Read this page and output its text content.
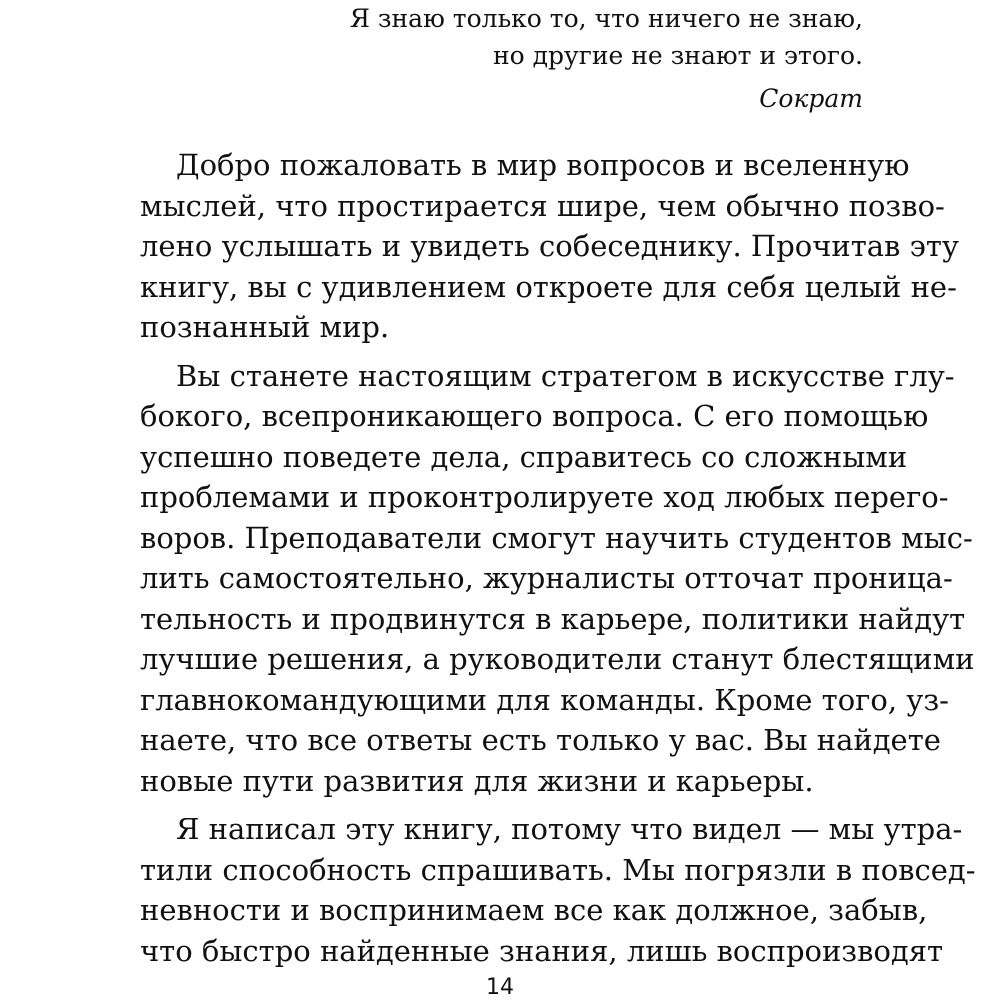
Я знаю только то, что ничего не знаю,
но другие не знают и этого.
Сократ
Добро пожаловать в мир вопросов и вселенную
мыслей, что простирается шире, чем обычно позво-
лено услышать и увидеть собеседнику. Прочитав эту
книгу, вы с удивлением откроете для себя целый не-
познанный мир.
Вы станете настоящим стратегом в искусстве глу-
бокого, всепроникающего вопроса. С его помощью
успешно поведете дела, справитесь со сложными
проблемами и проконтролируете ход любых перего-
воров. Преподаватели смогут научить студентов мыс-
лить самостоятельно, журналисты отточат проница-
тельность и продвинутся в карьере, политики найдут
лучшие решения, а руководители станут блестящими
главнокомандующими для команды. Кроме того, уз-
наете, что все ответы есть только у вас. Вы найдете
новые пути развития для жизни и карьеры.
Я написал эту книгу, потому что видел — мы утра-
тили способность спрашивать. Мы погрязли в повсед-
невности и воспринимаем все как должное, забыв,
что быстро найденные знания, лишь воспроизводят
14
